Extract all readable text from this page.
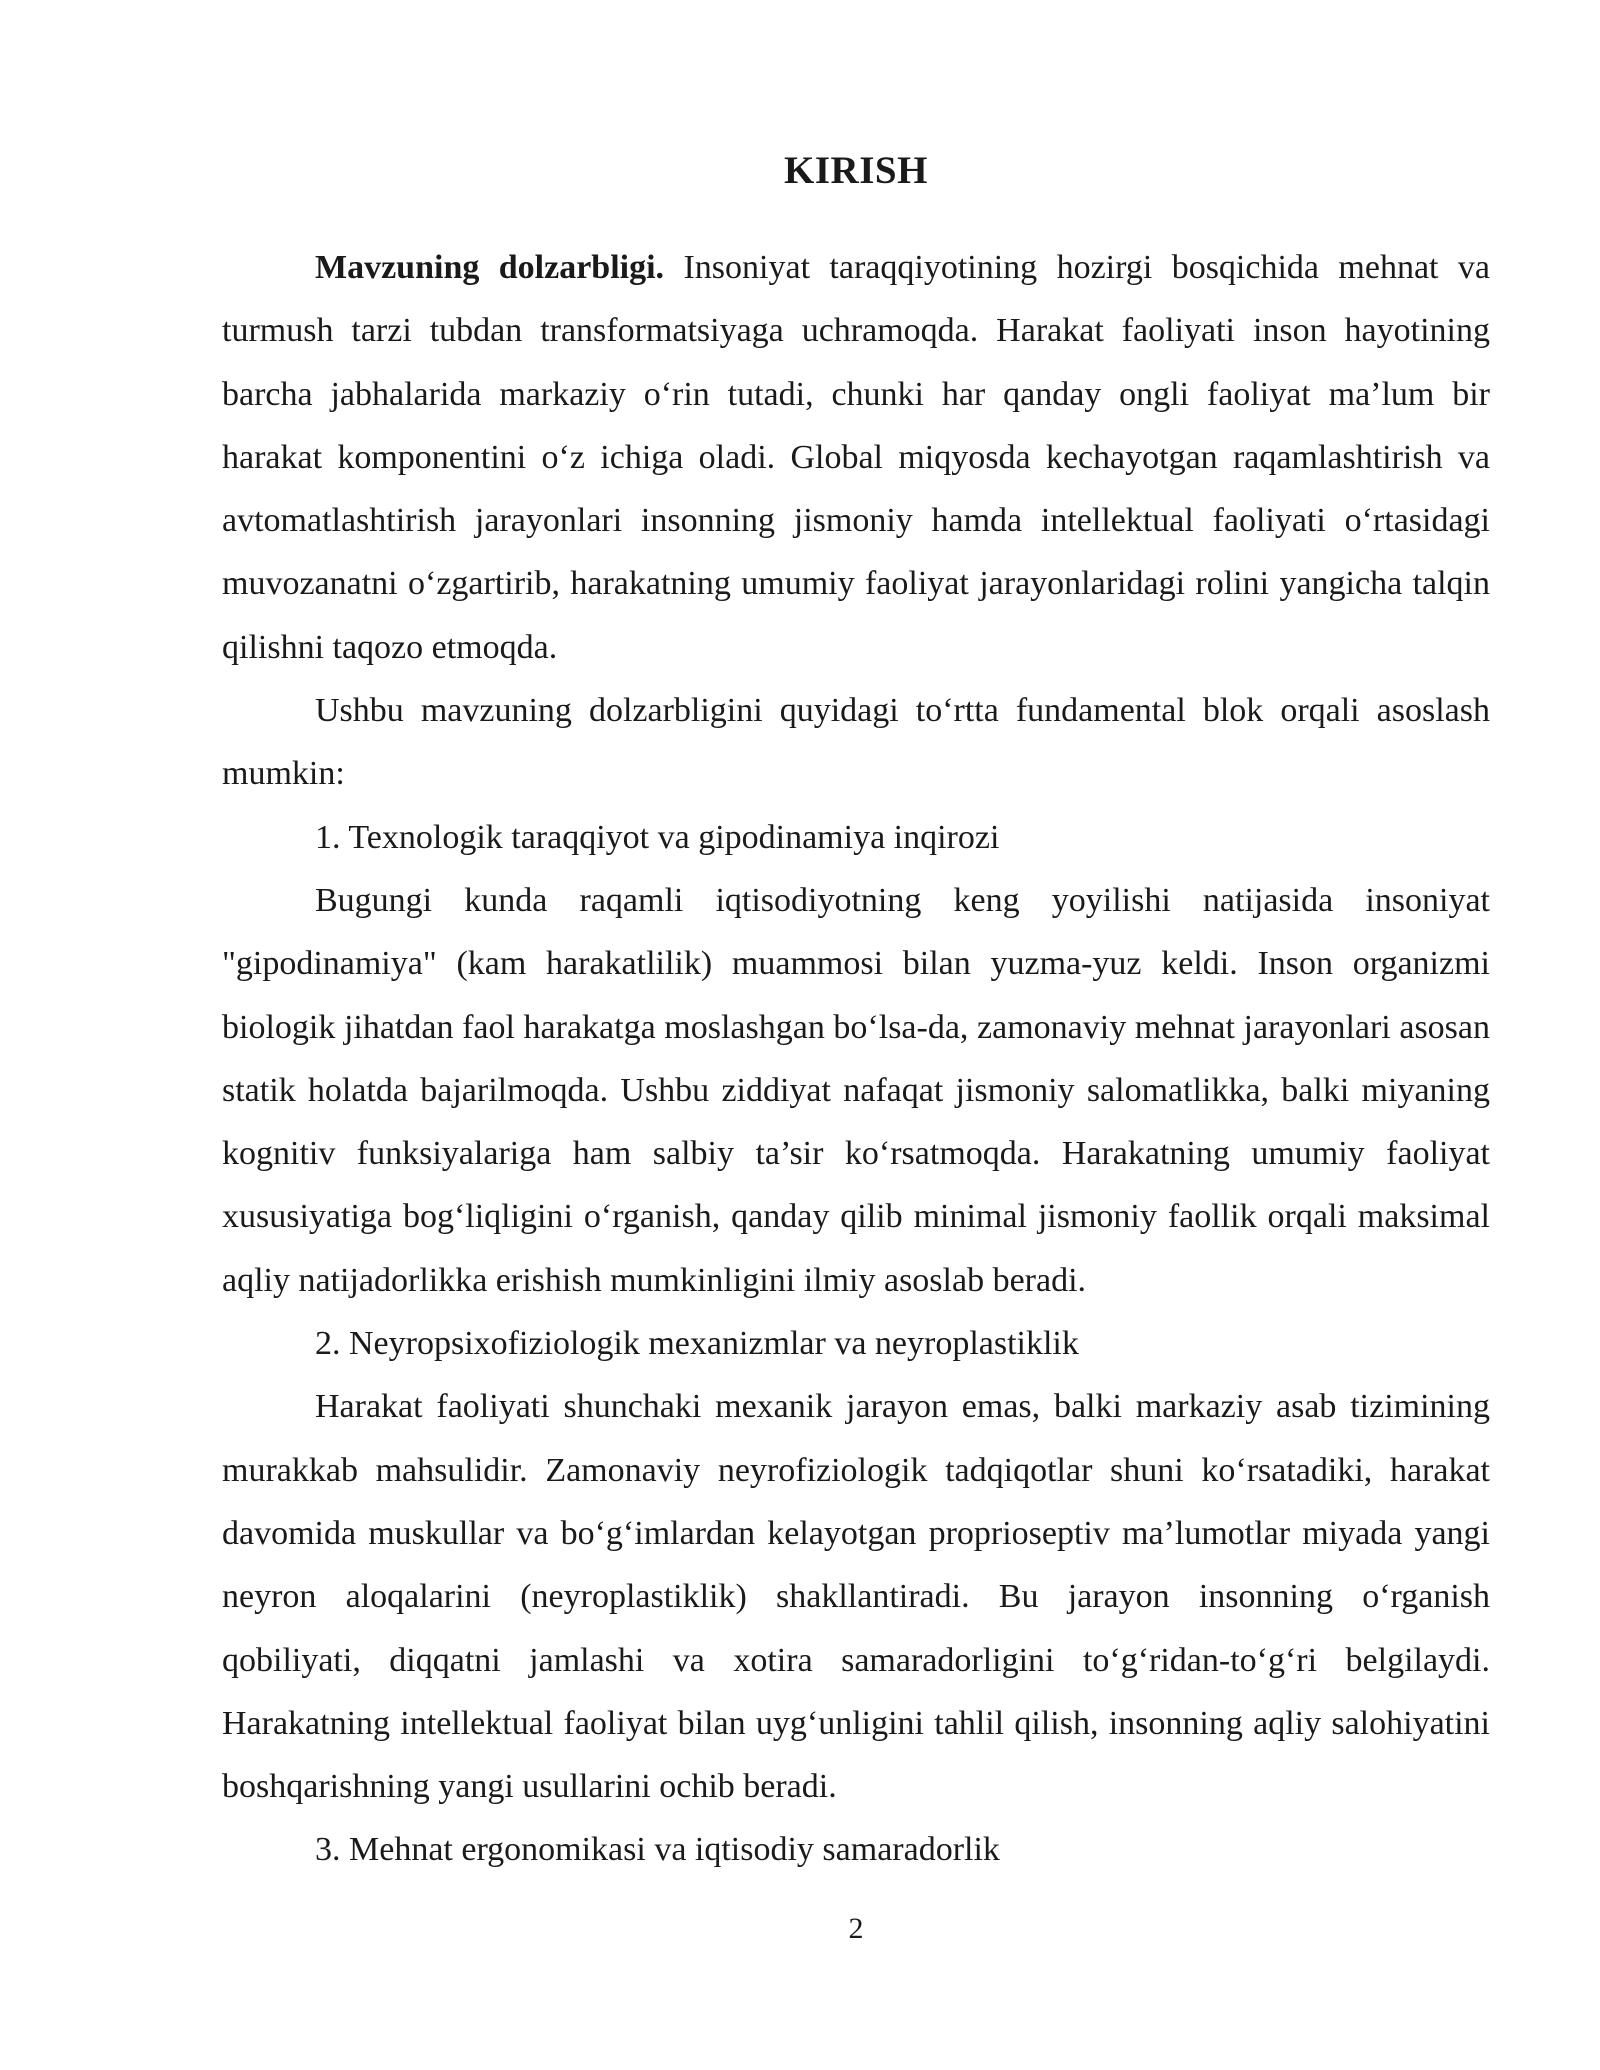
KIRISH

Mavzuning dolzarbligi. Insoniyat taraqqiyotining hozirgi bosqichida mehnat va turmush tarzi tubdan transformatsiyaga uchramoqda. Harakat faoliyati inson hayotining barcha jabhalarida markaziy o‘rin tutadi, chunki har qanday ongli faoliyat ma’lum bir harakat komponentini o‘z ichiga oladi. Global miqyosda kechayotgan raqamlashtirish va avtomatlashtirish jarayonlari insonning jismoniy hamda intellektual faoliyati o‘rtasidagi muvozanatni o‘zgartirib, harakatning umumiy faoliyat jarayonlaridagi rolini yangicha talqin qilishni taqozo etmoqda.

Ushbu mavzuning dolzarbligini quyidagi to‘rtta fundamental blok orqali asoslash mumkin:

1. Texnologik taraqqiyot va gipodinamiya inqirozi

Bugungi kunda raqamli iqtisodiyotning keng yoyilishi natijasida insoniyat "gipodinamiya" (kam harakatlilik) muammosi bilan yuzma-yuz keldi. Inson organizmi biologik jihatdan faol harakatga moslashgan bo‘lsa-da, zamonaviy mehnat jarayonlari asosan statik holatda bajarilmoqda. Ushbu ziddiyat nafaqat jismoniy salomatlikka, balki miyaning kognitiv funksiyalariga ham salbiy ta’sir ko‘rsatmoqda. Harakatning umumiy faoliyat xususiyatiga bog‘liqligini o‘rganish, qanday qilib minimal jismoniy faollik orqali maksimal aqliy natijadorlikka erishish mumkinligini ilmiy asoslab beradi.

2. Neyropsixofiziologik mexanizmlar va neyroplastiklik

Harakat faoliyati shunchaki mexanik jarayon emas, balki markaziy asab tizimining murakkab mahsulidir. Zamonaviy neyrofiziologik tadqiqotlar shuni ko‘rsatadiki, harakat davomida muskullar va bo‘g‘imlardan kelayotgan proprioseptiv ma’lumotlar miyada yangi neyron aloqalarini (neyroplastiklik) shakllantiradi. Bu jarayon insonning o‘rganish qobiliyati, diqqatni jamlashi va xotira samaradorligini to‘g‘ridan-to‘g‘ri belgilaydi. Harakatning intellektual faoliyat bilan uyg‘unligini tahlil qilish, insonning aqliy salohiyatini boshqarishning yangi usullarini ochib beradi.

3. Mehnat ergonomikasi va iqtisodiy samaradorlik

2
